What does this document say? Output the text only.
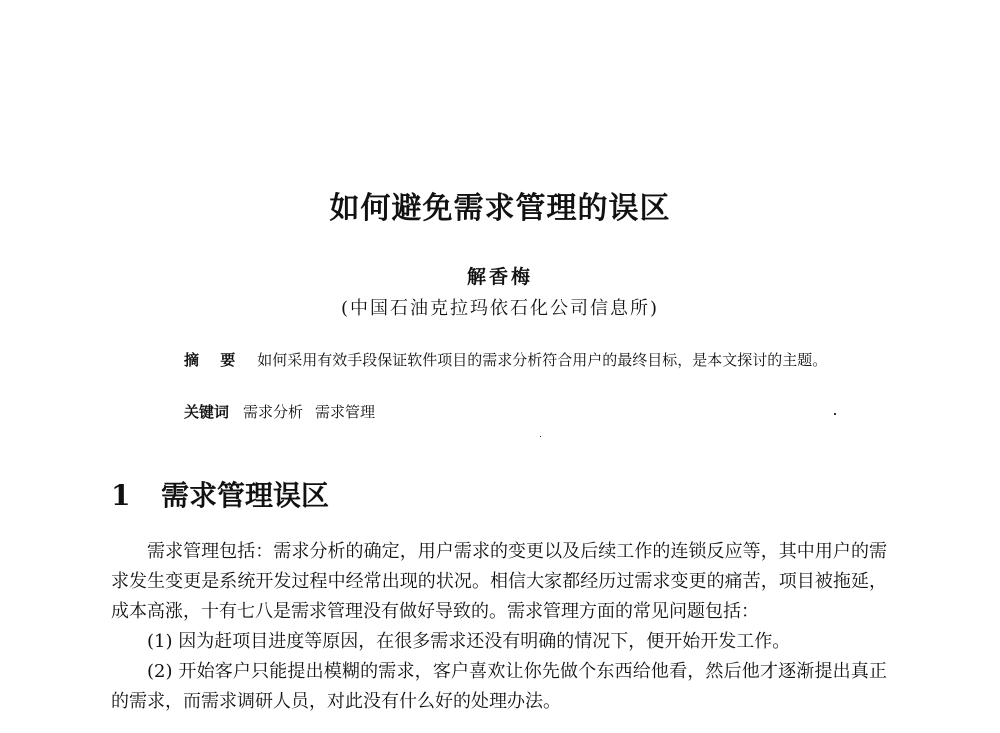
如何避免需求管理的误区
解香梅
(中国石油克拉玛依石化公司信息所)
摘 要 如何采用有效手段保证软件项目的需求分析符合用户的最终目标，是本文探讨的主题。
关键词 需求分析 需求管理
1 需求管理误区

需求管理包括：需求分析的确定，用户需求的变更以及后续工作的连锁反应等，其中用户的需求发生变更是系统开发过程中经常出现的状况。相信大家都经历过需求变更的痛苦，项目被拖延，成本高涨，十有七八是需求管理没有做好导致的。需求管理方面的常见问题包括：

(1) 因为赶项目进度等原因，在很多需求还没有明确的情况下，便开始开发工作。

(2) 开始客户只能提出模糊的需求，客户喜欢让你先做个东西给他看，然后他才逐渐提出真正的需求，而需求调研人员，对此没有什么好的处理办法。
